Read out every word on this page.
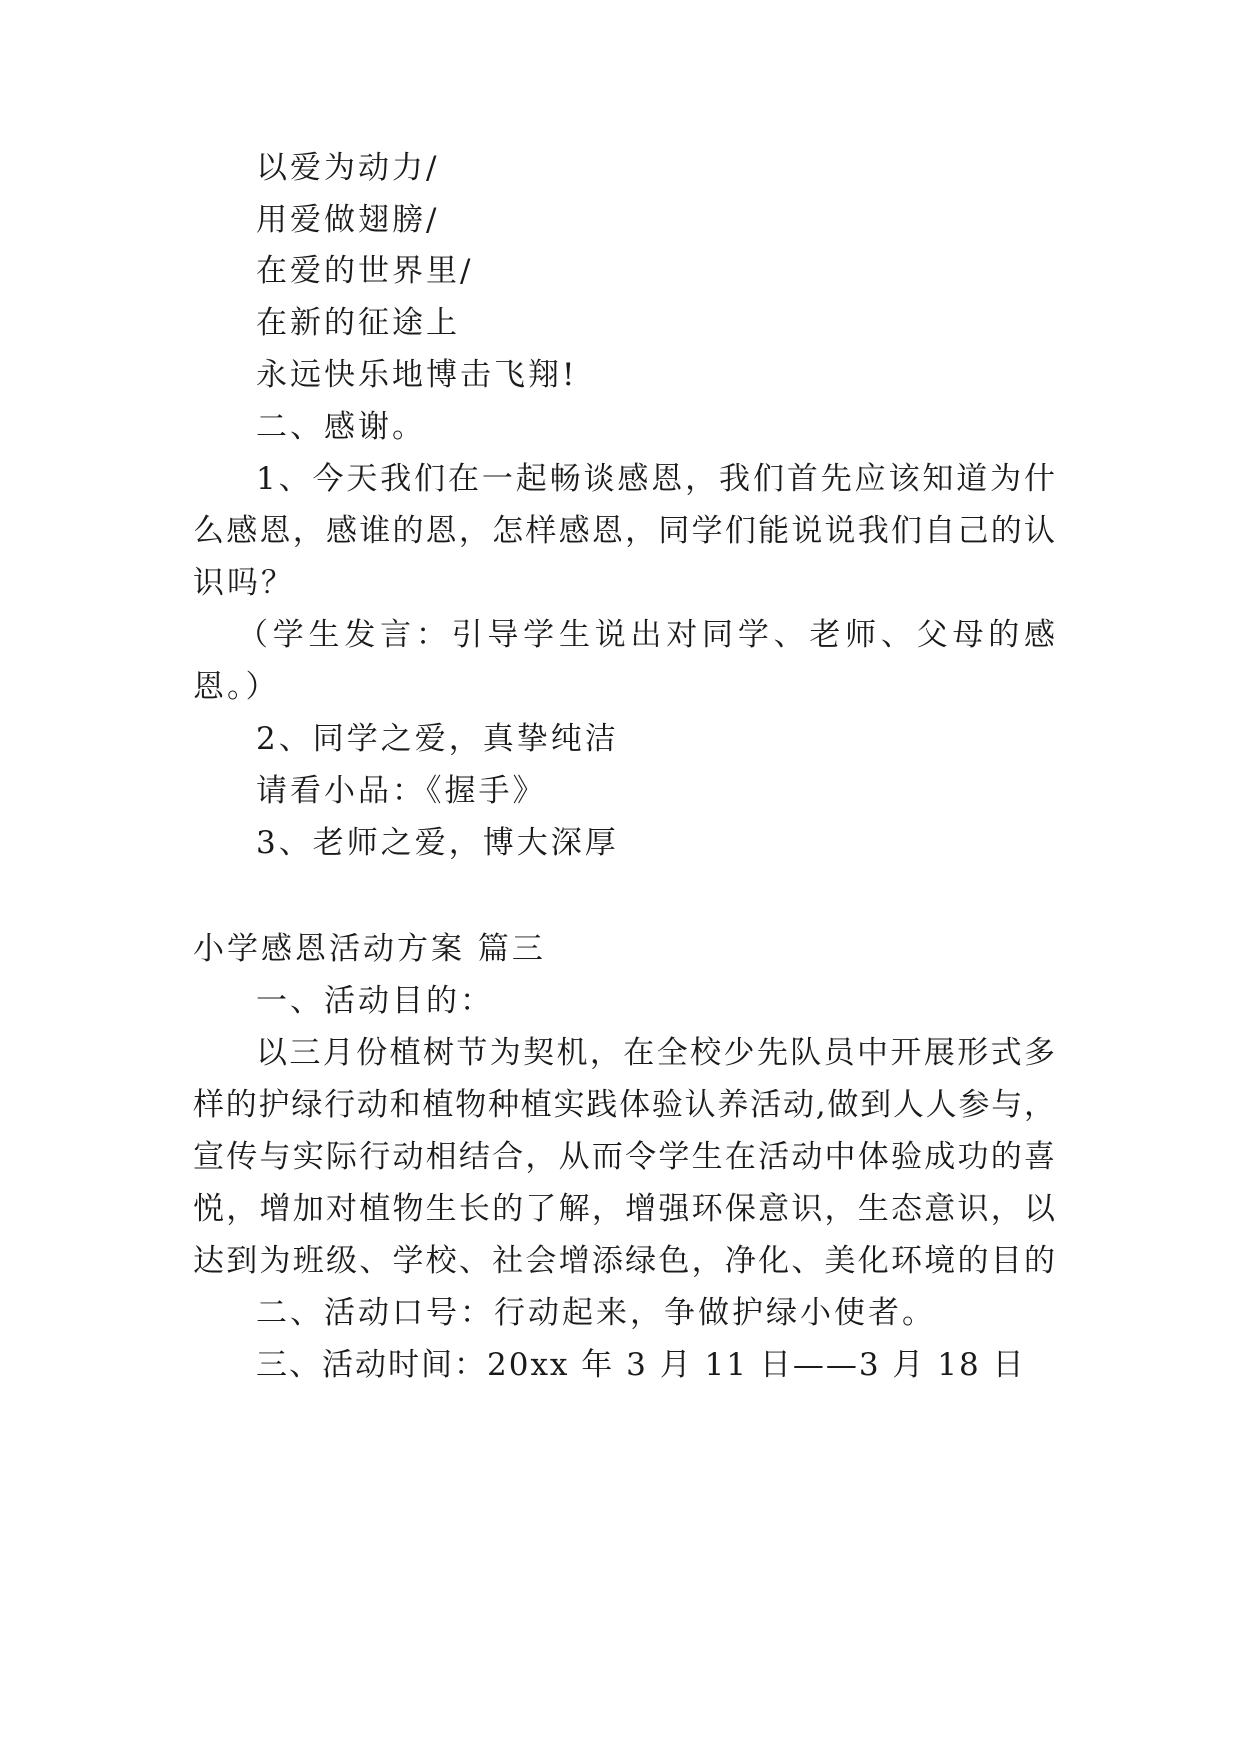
以爱为动力/
用爱做翅膀/
在爱的世界里/
在新的征途上
永远快乐地博击飞翔!
二、感谢。
1、今天我们在一起畅谈感恩，我们首先应该知道为什
么感恩，感谁的恩，怎样感恩，同学们能说说我们自己的认
识吗？
（学生发言：引导学生说出对同学、老师、父母的感
恩。）
2、同学之爱，真挚纯洁
请看小品：《握手》
3、老师之爱，博大深厚
小学感恩活动方案 篇三
一、活动目的：
以三月份植树节为契机，在全校少先队员中开展形式多
样的护绿行动和植物种植实践体验认养活动,做到人人参与，
宣传与实际行动相结合，从而令学生在活动中体验成功的喜
悦，增加对植物生长的了解，增强环保意识，生态意识，以
达到为班级、学校、社会增添绿色，净化、美化环境的目的
二、活动口号：行动起来，争做护绿小使者。
三、活动时间：20xx 年 3 月 11 日——3 月 18 日
